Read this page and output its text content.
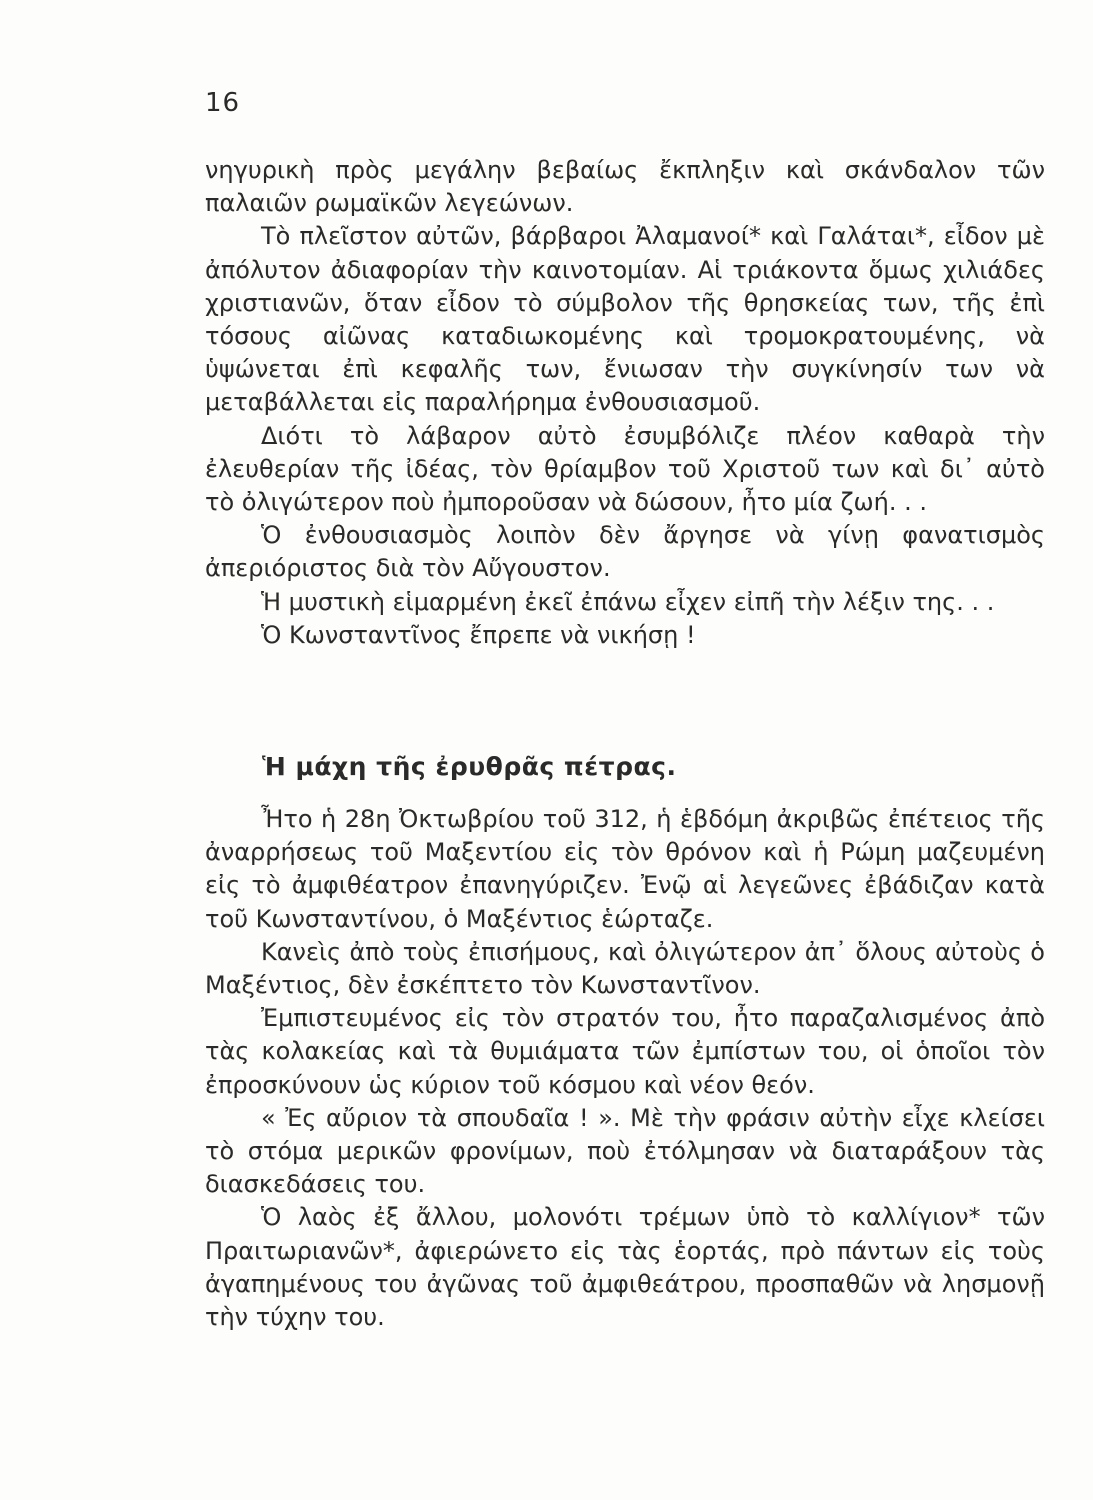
16

νηγυρικὴ πρὸς μεγάλην βεβαίως ἔκπληξιν καὶ σκάνδαλον τῶν παλαιῶν ρωμαϊκῶν λεγεώνων.

Τὸ πλεῖστον αὐτῶν, βάρβαροι Ἀλαμανοί* καὶ Γαλάται*, εἶδον μὲ ἀπόλυτον ἀδιαφορίαν τὴν καινοτομίαν. Αἱ τριάκοντα ὅμως χιλιάδες χριστιανῶν, ὅταν εἶδον τὸ σύμβολον τῆς θρησκείας των, τῆς ἐπὶ τόσους αἰῶνας καταδιωκομένης καὶ τρομοκρατουμένης, νὰ ὑψώνεται ἐπὶ κεφαλῆς των, ἔνιωσαν τὴν συγκίνησίν των νὰ μεταβάλλεται εἰς παραλήρημα ἐνθουσιασμοῦ.

Διότι τὸ λάβαρον αὐτὸ ἐσυμβόλιζε πλέον καθαρὰ τὴν ἐλευθερίαν τῆς ἰδέας, τὸν θρίαμβον τοῦ Χριστοῦ των καὶ δι᾿ αὐτὸ τὸ ὀλιγώτερον ποὺ ἠμποροῦσαν νὰ δώσουν, ἦτο μία ζωή. . .

Ὁ ἐνθουσιασμὸς λοιπὸν δὲν ἄργησε νὰ γίνῃ φανατισμὸς ἀπεριόριστος διὰ τὸν Αὔγουστον.

Ἡ μυστικὴ εἱμαρμένη ἐκεῖ ἐπάνω εἶχεν εἰπῆ τὴν λέξιν της. . .

Ὁ Κωνσταντῖνος ἔπρεπε νὰ νικήσῃ !

Ἡ μάχη τῆς ἐρυθρᾶς πέτρας.

Ἦτο ἡ 28η Ὀκτωβρίου τοῦ 312, ἡ ἑβδόμη ἀκριβῶς ἐπέτειος τῆς ἀναρρήσεως τοῦ Μαξεντίου εἰς τὸν θρόνον καὶ ἡ Ρώμη μαζευμένη εἰς τὸ ἀμφιθέατρον ἐπανηγύριζεν. Ἐνῷ αἱ λεγεῶνες ἐβάδιζαν κατὰ τοῦ Κωνσταντίνου, ὁ Μαξέντιος ἑώρταζε.

Κανεὶς ἀπὸ τοὺς ἐπισήμους, καὶ ὀλιγώτερον ἀπ᾿ ὅλους αὐτοὺς ὁ Μαξέντιος, δὲν ἐσκέπτετο τὸν Κωνσταντῖνον.

Ἐμπιστευμένος εἰς τὸν στρατόν του, ἦτο παραζαλισμένος ἀπὸ τὰς κολακείας καὶ τὰ θυμιάματα τῶν ἐμπίστων του, οἱ ὁποῖοι τὸν ἐπροσκύνουν ὡς κύριον τοῦ κόσμου καὶ νέον θεόν.

« Ἐς αὔριον τὰ σπουδαῖα ! ». Μὲ τὴν φράσιν αὐτὴν εἶχε κλείσει τὸ στόμα μερικῶν φρονίμων, ποὺ ἐτόλμησαν νὰ διαταράξουν τὰς διασκεδάσεις του.

Ὁ λαὸς ἐξ ἄλλου, μολονότι τρέμων ὑπὸ τὸ καλλίγιον* τῶν Πραιτωριανῶν*, ἀφιερώνετο εἰς τὰς ἑορτάς, πρὸ πάντων εἰς τοὺς ἀγαπημένους του ἀγῶνας τοῦ ἀμφιθεάτρου, προσπαθῶν νὰ λησμονῇ τὴν τύχην του.
